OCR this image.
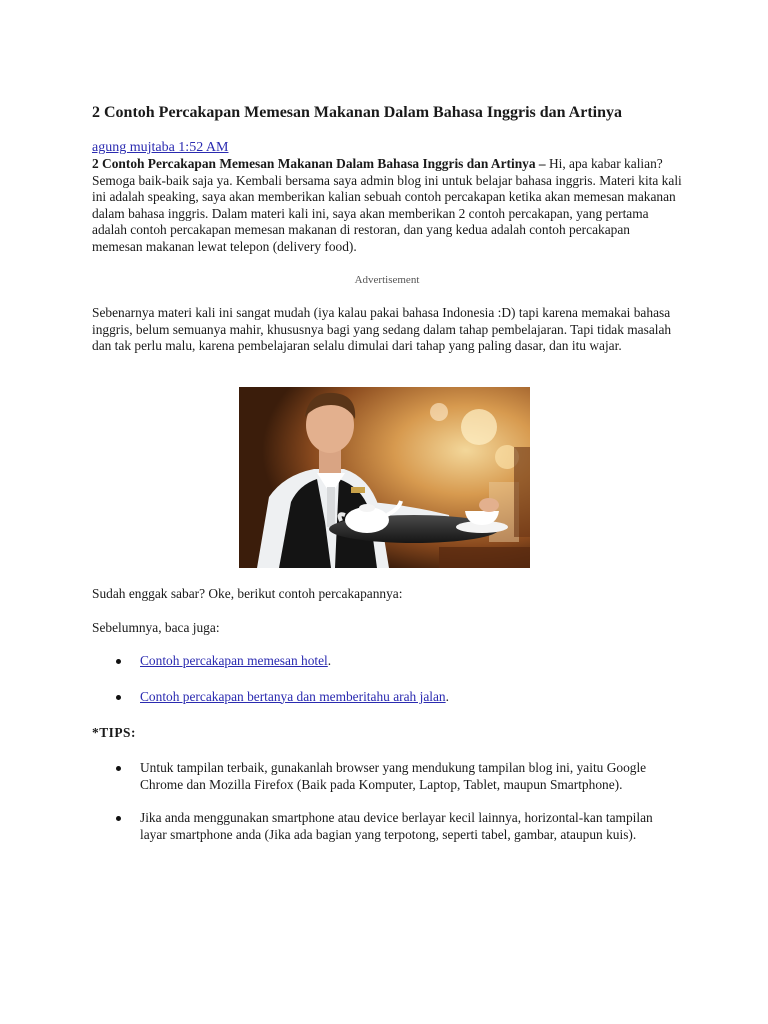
2 Contoh Percakapan Memesan Makanan Dalam Bahasa Inggris dan Artinya
agung mujtaba 1:52 AM

2 Contoh Percakapan Memesan Makanan Dalam Bahasa Inggris dan Artinya – Hi, apa kabar kalian? Semoga baik-baik saja ya. Kembali bersama saya admin blog ini untuk belajar bahasa inggris. Materi kita kali ini adalah speaking, saya akan memberikan kalian sebuah contoh percakapan ketika akan memesan makanan dalam bahasa inggris. Dalam materi kali ini, saya akan memberikan 2 contoh percakapan, yang pertama adalah contoh percakapan memesan makanan di restoran, dan yang kedua adalah contoh percakapan memesan makanan lewat telepon (delivery food).

Advertisement

Sebenarnya materi kali ini sangat mudah (iya kalau pakai bahasa Indonesia :D) tapi karena memakai bahasa inggris, belum semuanya mahir, khususnya bagi yang sedang dalam tahap pembelajaran. Tapi tidak masalah dan tak perlu malu, karena pembelajaran selalu dimulai dari tahap yang paling dasar, dan itu wajar.

Sudah enggak sabar? Oke, berikut contoh percakapannya:

Sebelumnya, baca juga:

Contoh percakapan memesan hotel.
Contoh percakapan bertanya dan memberitahu arah jalan.
*TIPS:
Untuk tampilan terbaik, gunakanlah browser yang mendukung tampilan blog ini, yaitu Google Chrome dan Mozilla Firefox (Baik pada Komputer, Laptop, Tablet, maupun Smartphone).
Jika anda menggunakan smartphone atau device berlayar kecil lainnya, horizontal-kan tampilan layar smartphone anda (Jika ada bagian yang terpotong, seperti tabel, gambar, ataupun kuis).
